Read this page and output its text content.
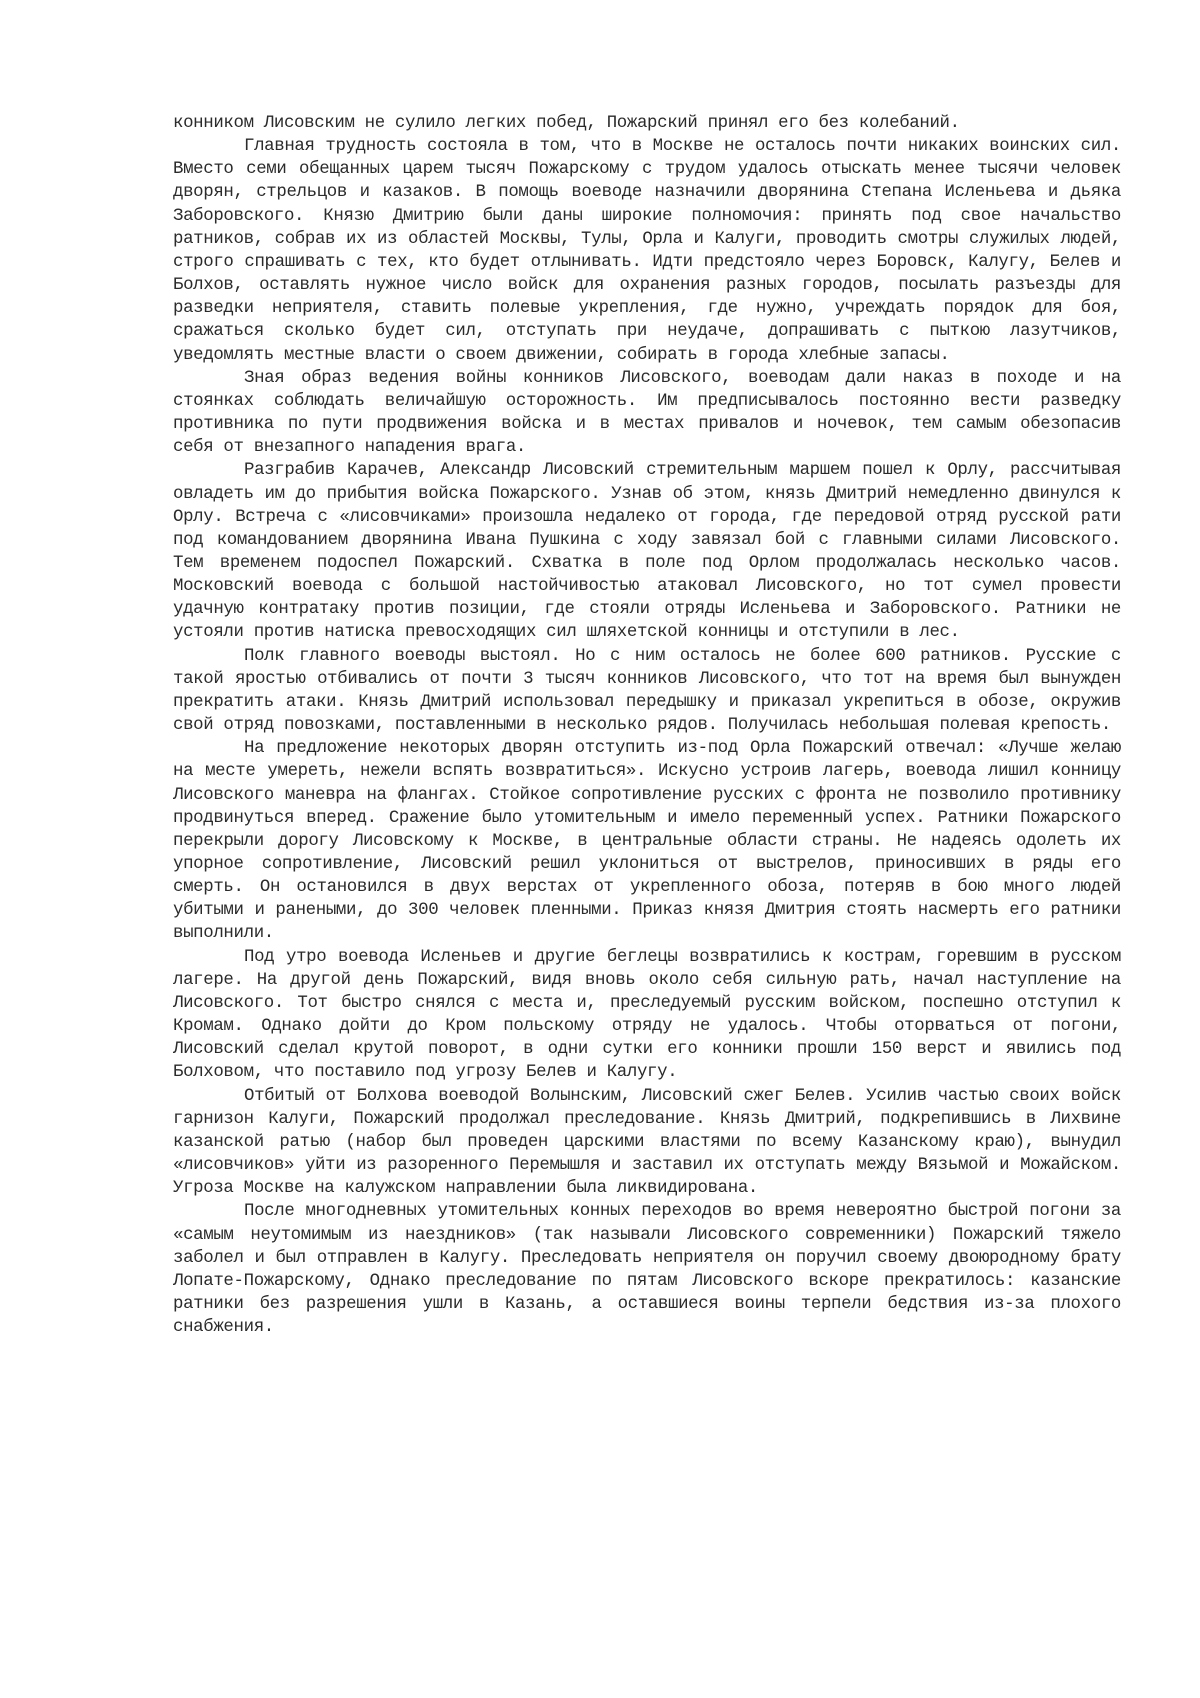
конником Лисовским не сулило легких побед, Пожарский принял его без колебаний.

Главная трудность состояла в том, что в Москве не осталось почти никаких воинских сил. Вместо семи обещанных царем тысяч Пожарскому с трудом удалось отыскать менее тысячи человек дворян, стрельцов и казаков. В помощь воеводе назначили дворянина Степана Исленьева и дьяка Заборовского. Князю Дмитрию были даны широкие полномочия: принять под свое начальство ратников, собрав их из областей Москвы, Тулы, Орла и Калуги, проводить смотры служилых людей, строго спрашивать с тех, кто будет отлынивать. Идти предстояло через Боровск, Калугу, Белев и Болхов, оставлять нужное число войск для охранения разных городов, посылать разъезды для разведки неприятеля, ставить полевые укрепления, где нужно, учреждать порядок для боя, сражаться сколько будет сил, отступать при неудаче, допрашивать с пыткою лазутчиков, уведомлять местные власти о своем движении, собирать в города хлебные запасы.

Зная образ ведения войны конников Лисовского, воеводам дали наказ в походе и на стоянках соблюдать величайшую осторожность. Им предписывалось постоянно вести разведку противника по пути продвижения войска и в местах привалов и ночевок, тем самым обезопасив себя от внезапного нападения врага.

Разграбив Карачев, Александр Лисовский стремительным маршем пошел к Орлу, рассчитывая овладеть им до прибытия войска Пожарского. Узнав об этом, князь Дмитрий немедленно двинулся к Орлу. Встреча с «лисовчиками» произошла недалеко от города, где передовой отряд русской рати под командованием дворянина Ивана Пушкина с ходу завязал бой с главными силами Лисовского. Тем временем подоспел Пожарский. Схватка в поле под Орлом продолжалась несколько часов. Московский воевода с большой настойчивостью атаковал Лисовского, но тот сумел провести удачную контратаку против позиции, где стояли отряды Исленьева и Заборовского. Ратники не устояли против натиска превосходящих сил шляхетской конницы и отступили в лес.

Полк главного воеводы выстоял. Но с ним осталось не более 600 ратников. Русские с такой яростью отбивались от почти 3 тысяч конников Лисовского, что тот на время был вынужден прекратить атаки. Князь Дмитрий использовал передышку и приказал укрепиться в обозе, окружив свой отряд повозками, поставленными в несколько рядов. Получилась небольшая полевая крепость.

На предложение некоторых дворян отступить из-под Орла Пожарский отвечал: «Лучше желаю на месте умереть, нежели вспять возвратиться». Искусно устроив лагерь, воевода лишил конницу Лисовского маневра на флангах. Стойкое сопротивление русских с фронта не позволило противнику продвинуться вперед. Сражение было утомительным и имело переменный успех. Ратники Пожарского перекрыли дорогу Лисовскому к Москве, в центральные области страны. Не надеясь одолеть их упорное сопротивление, Лисовский решил уклониться от выстрелов, приносивших в ряды его смерть. Он остановился в двух верстах от укрепленного обоза, потеряв в бою много людей убитыми и ранеными, до 300 человек пленными. Приказ князя Дмитрия стоять насмерть его ратники выполнили.

Под утро воевода Исленьев и другие беглецы возвратились к кострам, горевшим в русском лагере. На другой день Пожарский, видя вновь около себя сильную рать, начал наступление на Лисовского. Тот быстро снялся с места и, преследуемый русским войском, поспешно отступил к Кромам. Однако дойти до Кром польскому отряду не удалось. Чтобы оторваться от погони, Лисовский сделал крутой поворот, в одни сутки его конники прошли 150 верст и явились под Болховом, что поставило под угрозу Белев и Калугу.

Отбитый от Болхова воеводой Волынским, Лисовский сжег Белев. Усилив частью своих войск гарнизон Калуги, Пожарский продолжал преследование. Князь Дмитрий, подкрепившись в Лихвине казанской ратью (набор был проведен царскими властями по всему Казанскому краю), вынудил «лисовчиков» уйти из разоренного Перемышля и заставил их отступать между Вязьмой и Можайском. Угроза Москве на калужском направлении была ликвидирована.

После многодневных утомительных конных переходов во время невероятно быстрой погони за «самым неутомимым из наездников» (так называли Лисовского современники) Пожарский тяжело заболел и был отправлен в Калугу. Преследовать неприятеля он поручил своему двоюродному брату Лопате-Пожарскому, Однако преследование по пятам Лисовского вскоре прекратилось: казанские ратники без разрешения ушли в Казань, а оставшиеся воины терпели бедствия из-за плохого снабжения.
